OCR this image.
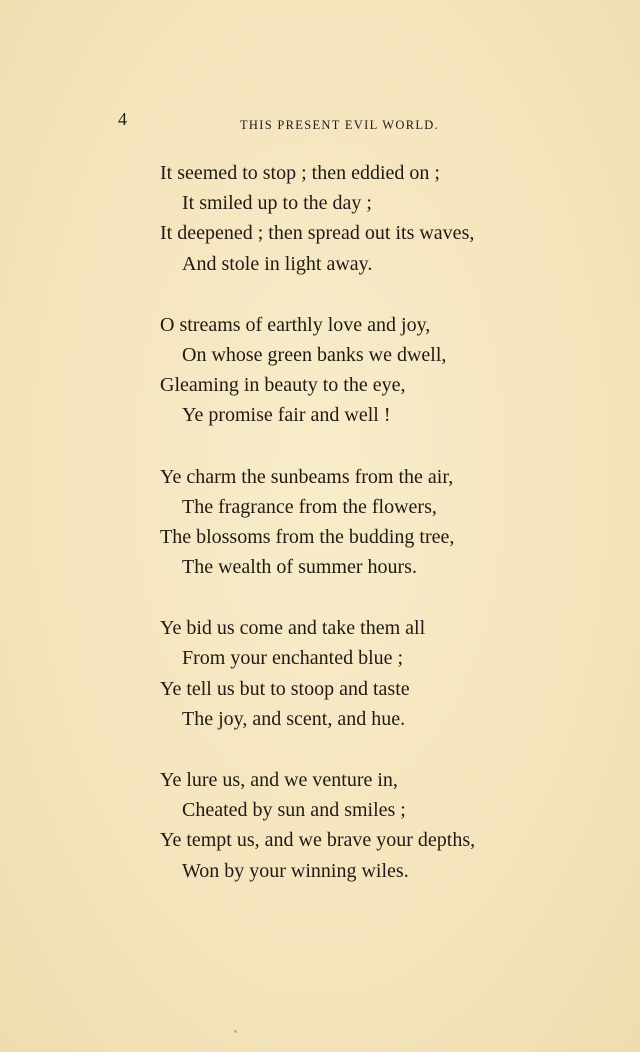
4	THIS PRESENT EVIL WORLD.
It seemed to stop ; then eddied on ;
It smiled up to the day ;
It deepened ; then spread out its waves,
And stole in light away.
O streams of earthly love and joy,
On whose green banks we dwell,
Gleaming in beauty to the eye,
Ye promise fair and well !
Ye charm the sunbeams from the air,
The fragrance from the flowers,
The blossoms from the budding tree,
The wealth of summer hours.
Ye bid us come and take them all
From your enchanted blue ;
Ye tell us but to stoop and taste
The joy, and scent, and hue.
Ye lure us, and we venture in,
Cheated by sun and smiles ;
Ye tempt us, and we brave your depths,
Won by your winning wiles.
